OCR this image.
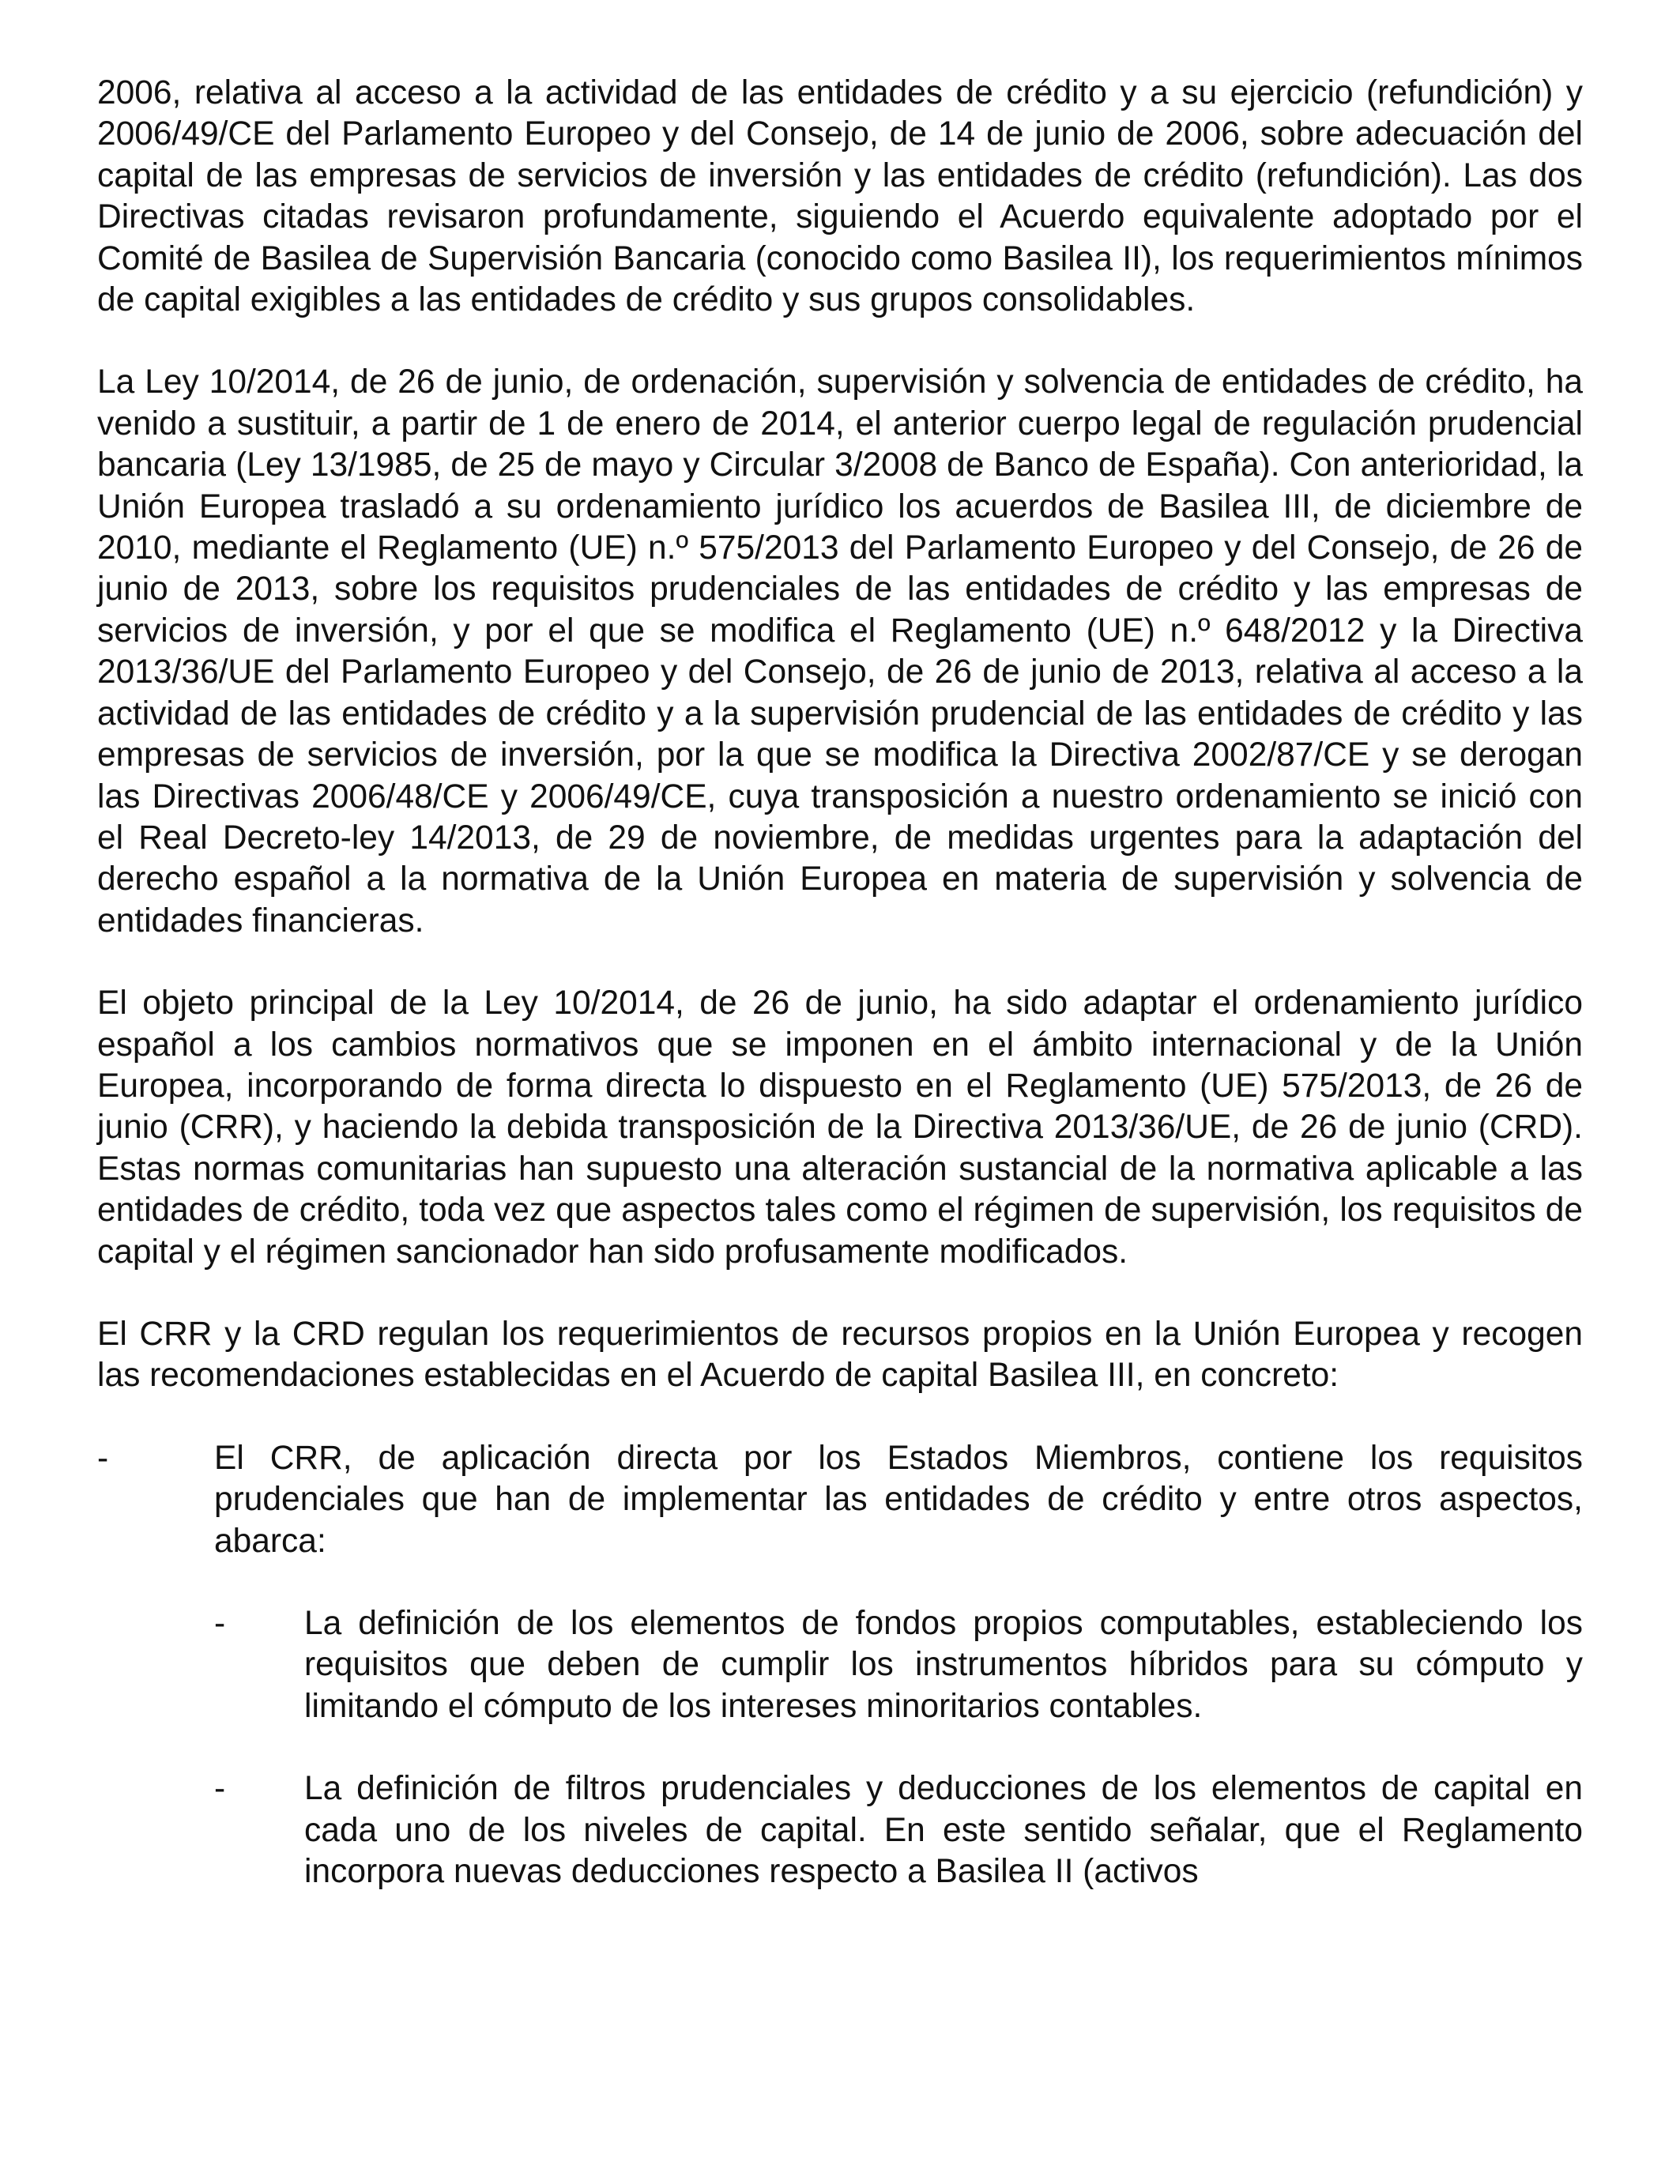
2006, relativa al acceso a la actividad de las entidades de crédito y a su ejercicio (refundición) y 2006/49/CE del Parlamento Europeo y del Consejo, de 14 de junio de 2006, sobre adecuación del capital de las empresas de servicios de inversión y las entidades de crédito (refundición). Las dos Directivas citadas revisaron profundamente, siguiendo el Acuerdo equivalente adoptado por el Comité de Basilea de Supervisión Bancaria (conocido como Basilea II), los requerimientos mínimos de capital exigibles a las entidades de crédito y sus grupos consolidables.

La Ley 10/2014, de 26 de junio, de ordenación, supervisión y solvencia de entidades de crédito, ha venido a sustituir, a partir de 1 de enero de 2014, el anterior cuerpo legal de regulación prudencial bancaria (Ley 13/1985, de 25 de mayo y Circular 3/2008 de Banco de España). Con anterioridad, la Unión Europea trasladó a su ordenamiento jurídico los acuerdos de Basilea III, de diciembre de 2010, mediante el Reglamento (UE) n.º 575/2013 del Parlamento Europeo y del Consejo, de 26 de junio de 2013, sobre los requisitos prudenciales de las entidades de crédito y las empresas de servicios de inversión, y por el que se modifica el Reglamento (UE) n.º 648/2012 y la Directiva 2013/36/UE del Parlamento Europeo y del Consejo, de 26 de junio de 2013, relativa al acceso a la actividad de las entidades de crédito y a la supervisión prudencial de las entidades de crédito y las empresas de servicios de inversión, por la que se modifica la Directiva 2002/87/CE y se derogan las Directivas 2006/48/CE y 2006/49/CE, cuya transposición a nuestro ordenamiento se inició con el Real Decreto-ley 14/2013, de 29 de noviembre, de medidas urgentes para la adaptación del derecho español a la normativa de la Unión Europea en materia de supervisión y solvencia de entidades financieras.

El objeto principal de la Ley 10/2014, de 26 de junio, ha sido adaptar el ordenamiento jurídico español a los cambios normativos que se imponen en el ámbito internacional y de la Unión Europea, incorporando de forma directa lo dispuesto en el Reglamento (UE) 575/2013, de 26 de junio (CRR), y haciendo la debida transposición de la Directiva 2013/36/UE, de 26 de junio (CRD). Estas normas comunitarias han supuesto una alteración sustancial de la normativa aplicable a las entidades de crédito, toda vez que aspectos tales como el régimen de supervisión, los requisitos de capital y el régimen sancionador han sido profusamente modificados.

El CRR y la CRD regulan los requerimientos de recursos propios en la Unión Europea y recogen las recomendaciones establecidas en el Acuerdo de capital Basilea III, en concreto:

-	El CRR, de aplicación directa por los Estados Miembros, contiene los requisitos prudenciales que han de implementar las entidades de crédito y entre otros aspectos, abarca:
- La definición de los elementos de fondos propios computables, estableciendo los requisitos que deben de cumplir los instrumentos híbridos para su cómputo y limitando el cómputo de los intereses minoritarios contables.
- La definición de filtros prudenciales y deducciones de los elementos de capital en cada uno de los niveles de capital. En este sentido señalar, que el Reglamento incorpora nuevas deducciones respecto a Basilea II (activos
